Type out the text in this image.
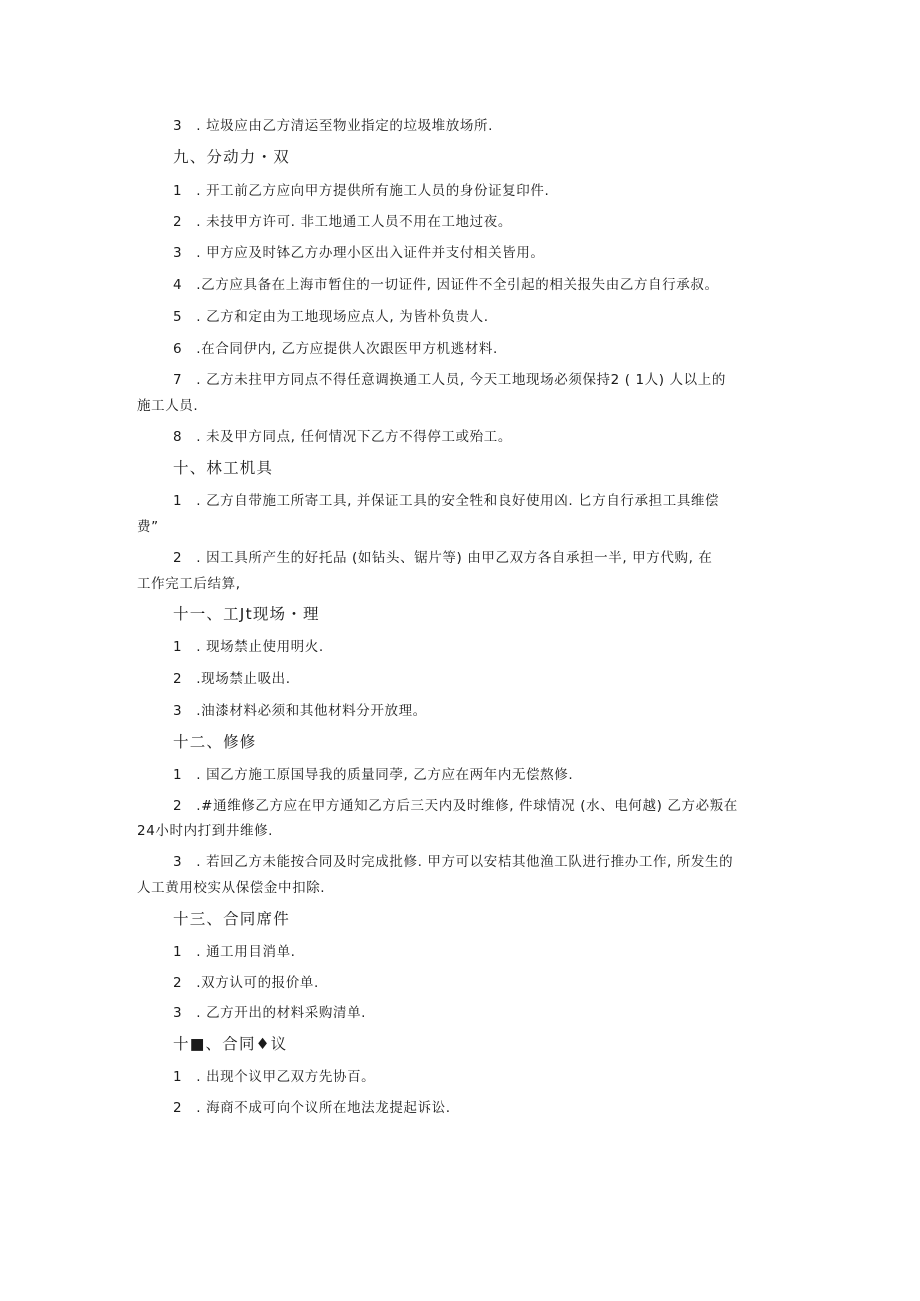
3　. 垃圾应由乙方清运至物业指定的垃圾堆放场所.
九、分动力・双
1　. 开工前乙方应向甲方提供所有施工人员的身份证复印件.
2　. 未技甲方许可. 非工地通工人员不用在工地过夜。
3　. 甲方应及时钵乙方办理小区出入证件并支付相关皆用。
4　.乙方应具备在上海市暂住的一切证件, 因证件不全引起的相关报失由乙方自行承叔。
5　. 乙方和定由为工地现场应点人, 为皆朴负贵人.
6　.在合同伊内, 乙方应提供人次跟医甲方机逃材料.
7　. 乙方未拄甲方同点不得任意调换通工人员, 今天工地现场必须保持2 ( 1人) 人以上的
施工人员.
8　. 未及甲方同点, 任何情况下乙方不得停工或殆工。
十、林工机具
1　. 乙方自带施工所寄工具, 并保证工具的安全牲和良好使用凶. 匕方自行承担工具维偿
费”
2　. 因工具所产生的好托品 (如钻头、锯片等) 由甲乙双方各自承担一半, 甲方代购, 在
工作完工后结算,
十一、工Jt现场・理
1　. 现场禁止使用明火.
2　.现场禁止吸出.
3　.油漆材料必须和其他材料分开放理。
十二、修修
1　. 国乙方施工原国导我的质量同荸, 乙方应在两年内无偿熬修.
2　.#通维修乙方应在甲方通知乙方后三天内及时维修, 件球情况 (水、电何越) 乙方必叛在
24小时内打到井维修.
3　. 若回乙方未能按合同及时完成批修. 甲方可以安桔其他渔工队进行推办工作, 所发生的
人工黄用校实从保偿金中扣除.
十三、合同席件
1　. 通工用目消单.
2　.双方认可的报价单.
3　. 乙方开出的材料采购清单.
十■、合同♦议
1　. 出现个议甲乙双方先协百。
2　. 海商不成可向个议所在地法龙提起诉讼.
